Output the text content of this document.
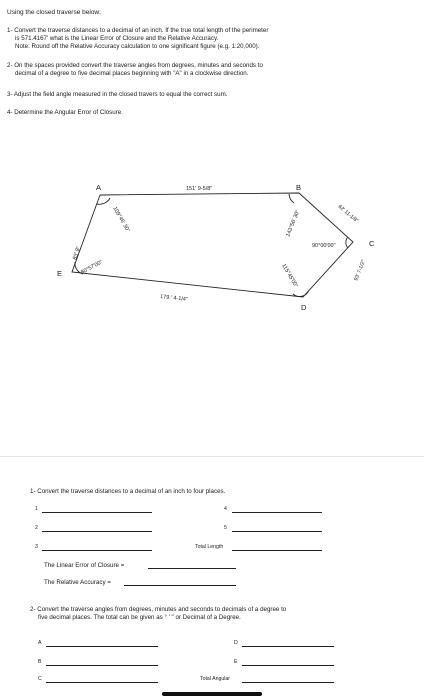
Using the closed traverse below:
1- Convert the traverse distances to a decimal of an inch. If the true total length of the perimeter
is 571.4167' what is the Linear Error of Closure and the Relative Accuracy.
Note: Round off the Relative Accuracy calculation to one significant figure (e.g. 1:20,000).
2- On the spaces provided convert the traverse angles from degrees, minutes and seconds to
decimal of a degree to five decimal places beginning with "A" in a clockwise direction.
3- Adjust the field angle measured in the closed travers to equal the correct sum.
4- Determine the Angular Error of Closure.
A	B
C
D
E
151' 9-5/8"
62' 11-1/8"
93' 7-1/2"
179.' 4-1/4"
83' 8"
109°46' 30"	143°56' 30"
90°00'00"
115°45'00"
80°57'00"
1- Convert the traverse distances to a decimal of an inch to four places.
1	4
2	5
3	Total Length
The Linear Error of Closure =
The Relative Accuracy =
2- Convert the traverse angles from degrees, minutes and seconds to decimals of a degree to
five decimal places. The total can be given as ° ' " or Decimal of a Degree.
A	D
B	E
C	Total Angular
